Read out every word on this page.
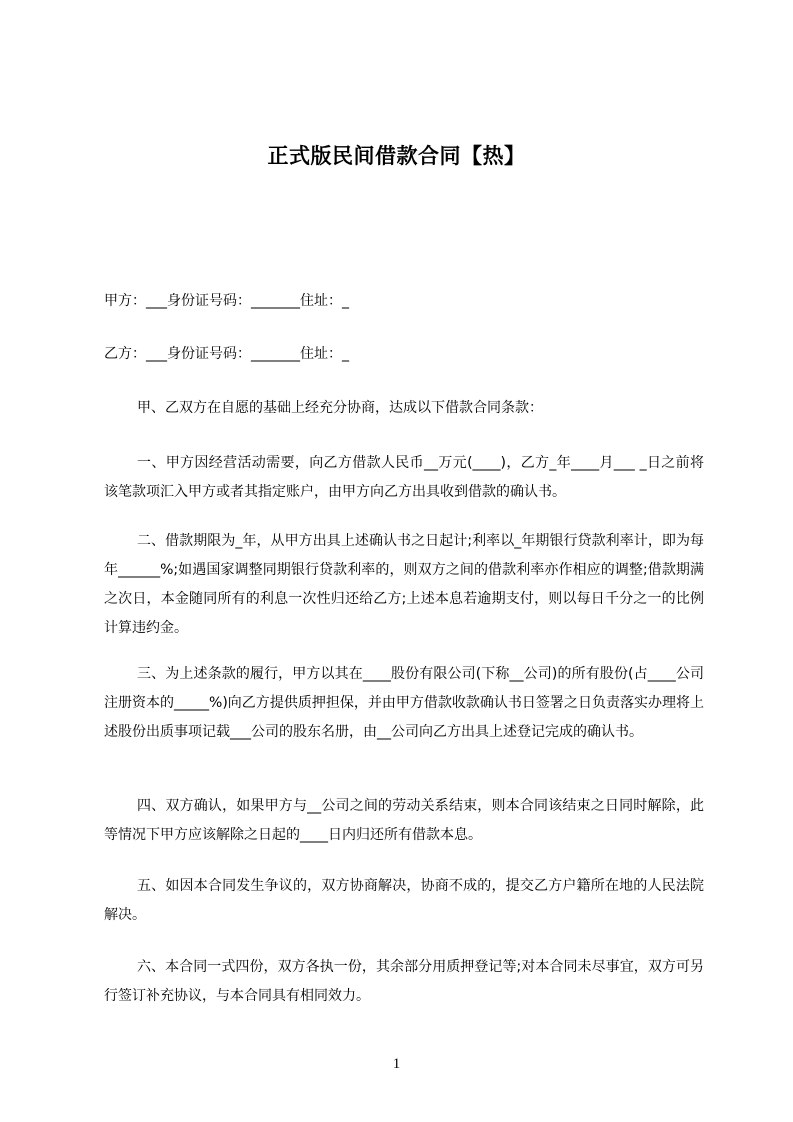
正式版民间借款合同【热】
甲方：___身份证号码：_______住址：_
乙方：___身份证号码：_______住址：_
甲、乙双方在自愿的基础上经充分协商，达成以下借款合同条款：
一、甲方因经营活动需要，向乙方借款人民币__万元(____)，乙方_年____月___ _日之前将该笔款项汇入甲方或者其指定账户，由甲方向乙方出具收到借款的确认书。
二、借款期限为_年，从甲方出具上述确认书之日起计;利率以_年期银行贷款利率计，即为每年______%;如遇国家调整同期银行贷款利率的，则双方之间的借款利率亦作相应的调整;借款期满之次日，本金随同所有的利息一次性归还给乙方;上述本息若逾期支付，则以每日千分之一的比例计算违约金。
三、为上述条款的履行，甲方以其在____股份有限公司(下称__公司)的所有股份(占____公司注册资本的_____%)向乙方提供质押担保，并由甲方借款收款确认书日签署之日负责落实办理将上述股份出质事项记载___公司的股东名册，由__公司向乙方出具上述登记完成的确认书。
四、双方确认，如果甲方与__公司之间的劳动关系结束，则本合同该结束之日同时解除，此等情况下甲方应该解除之日起的____日内归还所有借款本息。
五、如因本合同发生争议的，双方协商解决，协商不成的，提交乙方户籍所在地的人民法院解决。
六、本合同一式四份，双方各执一份，其余部分用质押登记等;对本合同未尽事宜，双方可另行签订补充协议，与本合同具有相同效力。
1
